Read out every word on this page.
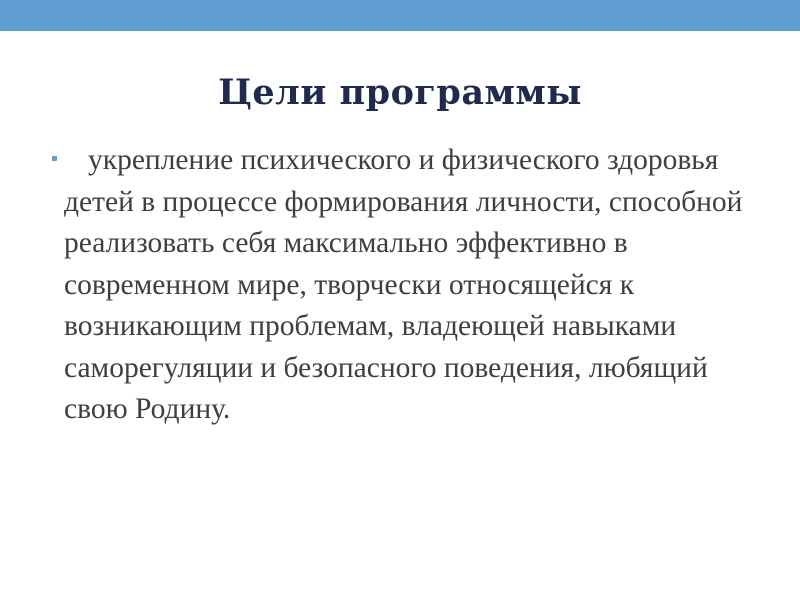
Цели программы

укрепление психического и физического здоровья детей в процессе формирования личности, способной реализовать себя максимально эффективно в современном мире, творчески относящейся к возникающим проблемам, владеющей навыками саморегуляции и безопасного поведения, любящий свою Родину.
